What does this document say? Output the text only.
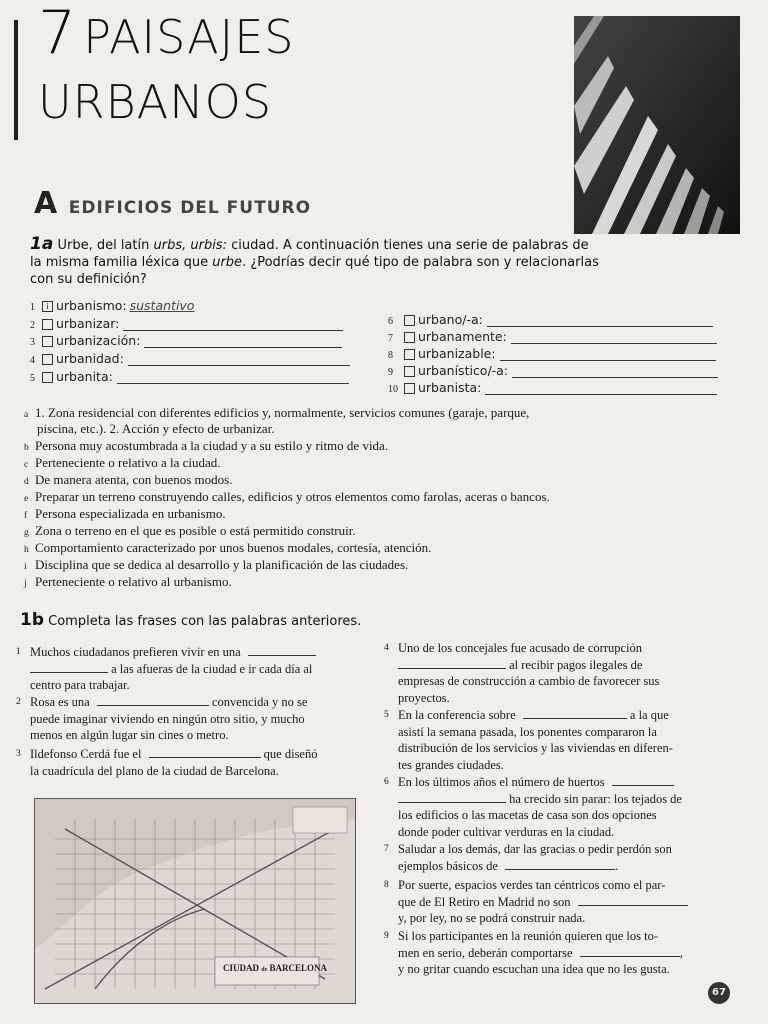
7 PAISAJES
URBANOS
A EDIFICIOS DEL FUTURO
1a Urbe, del latín urbs, urbis: ciudad. A continuación tienes una serie de palabras de
la misma familia léxica que urbe. ¿Podrías decir qué tipo de palabra son y relacionarlas
con su definición?
1	i urbanismo: sustantivo
2	urbanizar:
3	urbanización:
4	urbanidad:
5	urbanita:
6	urbano/-a:
7	urbanamente:
8	urbanizable:
9	urbanístico/-a:
10	urbanista:
a 1. Zona residencial con diferentes edificios y, normalmente, servicios comunes (garaje, parque,
piscina, etc.). 2. Acción y efecto de urbanizar.
b Persona muy acostumbrada a la ciudad y a su estilo y ritmo de vida.
c Perteneciente o relativo a la ciudad.
d De manera atenta, con buenos modos.
e Preparar un terreno construyendo calles, edificios y otros elementos como farolas, aceras o bancos.
f Persona especializada en urbanismo.
g Zona o terreno en el que es posible o está permitido construir.
h Comportamiento caracterizado por unos buenos modales, cortesía, atención.
i Disciplina que se dedica al desarrollo y la planificación de las ciudades.
j Perteneciente o relativo al urbanismo.
1b Completa las frases con las palabras anteriores.
1 Muchos ciudadanos prefieren vivir en una
a las afueras de la ciudad e ir cada día al
centro para trabajar.
2 Rosa es una	convencida y no se
puede imaginar viviendo en ningún otro sitio, y mucho
menos en algún lugar sin cines o metro.
3 Ildefonso Cerdá fue el	que diseñó
la cuadrícula del plano de la ciudad de Barcelona.
4 Uno de los concejales fue acusado de corrupción
al recibir pagos ilegales de
empresas de construcción a cambio de favorecer sus
proyectos.
5 En la conferencia sobre	a la que
asistí la semana pasada, los ponentes compararon la
distribución de los servicios y las viviendas en diferen-
tes grandes ciudades.
6 En los últimos años el número de huertos
ha crecido sin parar: los tejados de
los edificios o las macetas de casa son dos opciones
donde poder cultivar verduras en la ciudad.
7 Saludar a los demás, dar las gracias o pedir perdón son
ejemplos básicos de	.
8 Por suerte, espacios verdes tan céntricos como el par-
que de El Retiro en Madrid no son
y, por ley, no se podrá construir nada.
9 Si los participantes en la reunión quieren que los to-
men en serio, deberán comportarse	,
y no gritar cuando escuchan una idea que no les gusta.
CIUDAD de BARCELONA
67
